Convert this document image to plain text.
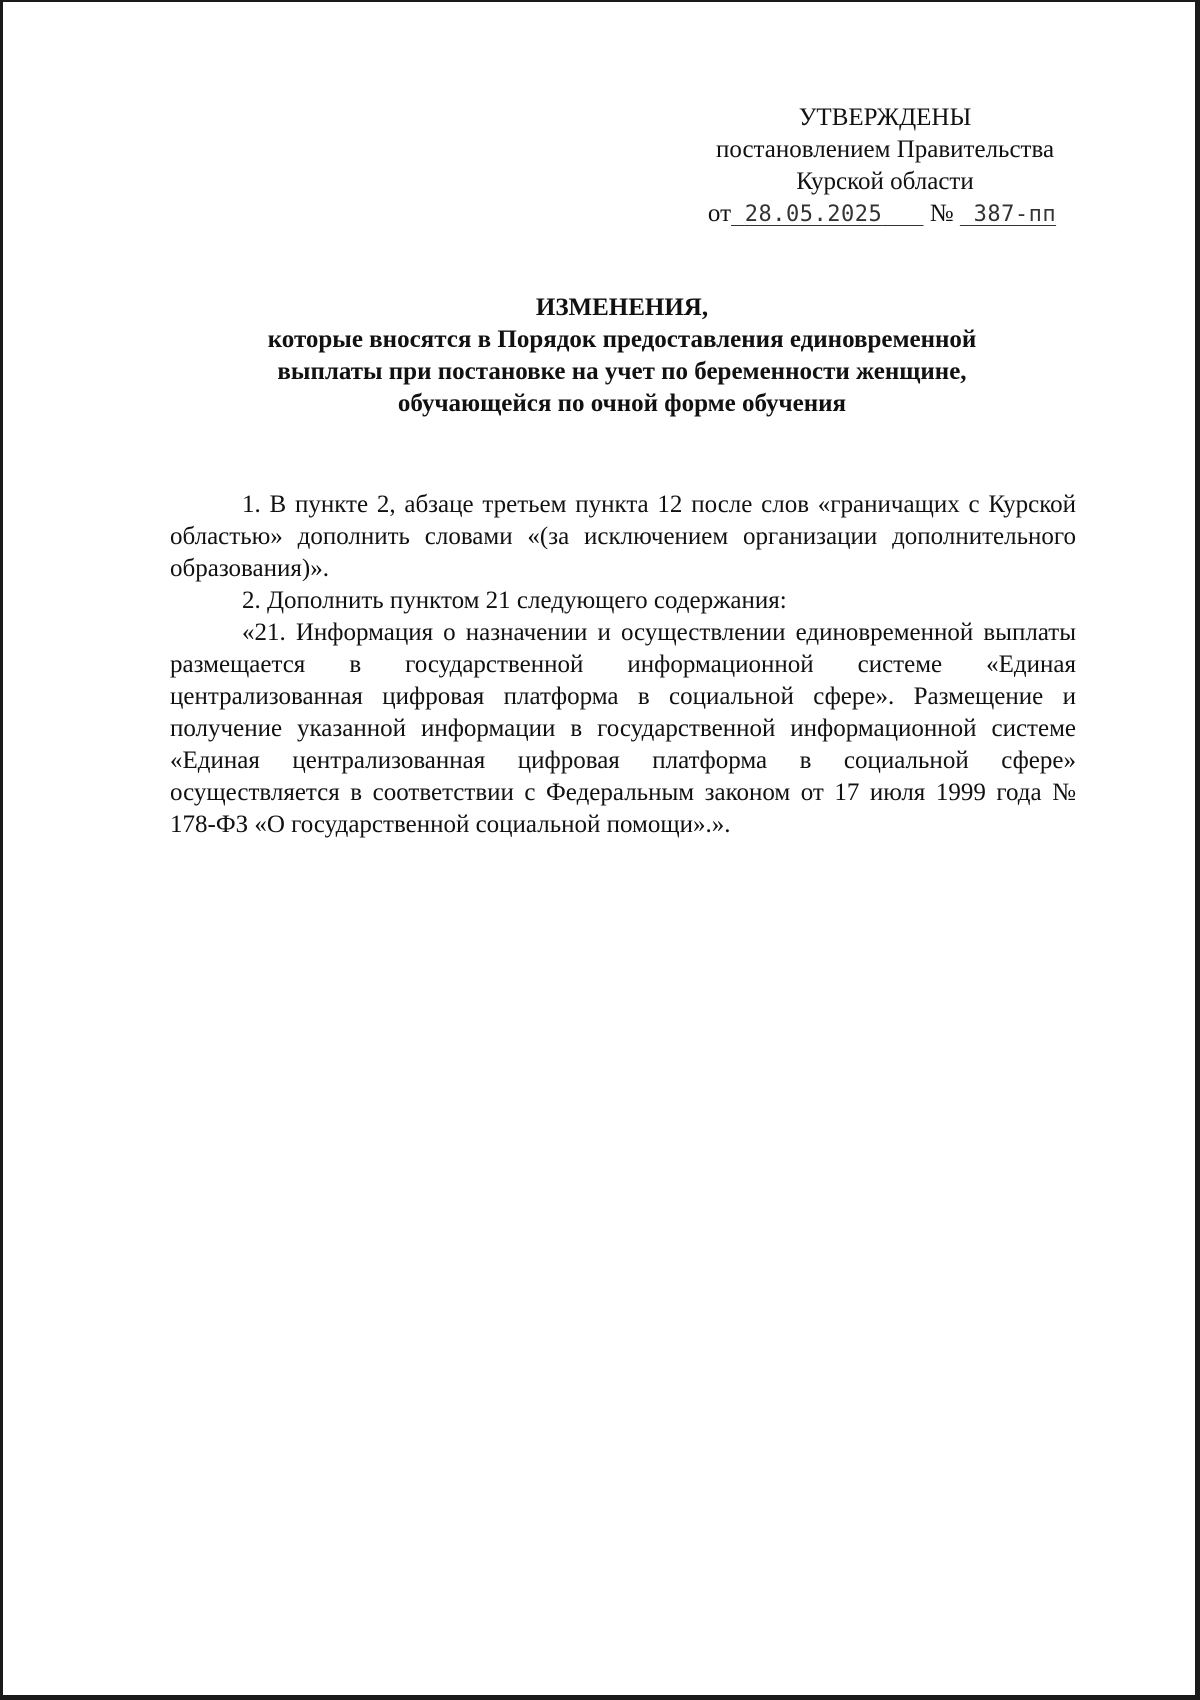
УТВЕРЖДЕНЫ
постановлением Правительства
Курской области
от 28.05.2025 № 387-пп
ИЗМЕНЕНИЯ,
которые вносятся в Порядок предоставления единовременной
выплаты при постановке на учет по беременности женщине,
обучающейся по очной форме обучения

1. В пункте 2, абзаце третьем пункта 12 после слов «граничащих с Курской областью» дополнить словами «(за исключением организации дополнительного образования)».

2. Дополнить пунктом 21 следующего содержания:

«21. Информация о назначении и осуществлении единовременной выплаты размещается в государственной информационной системе «Единая централизованная цифровая платформа в социальной сфере». Размещение и получение указанной информации в государственной информационной системе «Единая централизованная цифровая платформа в социальной сфере» осуществляется в соответствии с Федеральным законом от 17 июля 1999 года № 178-ФЗ «О государственной социальной помощи».».
